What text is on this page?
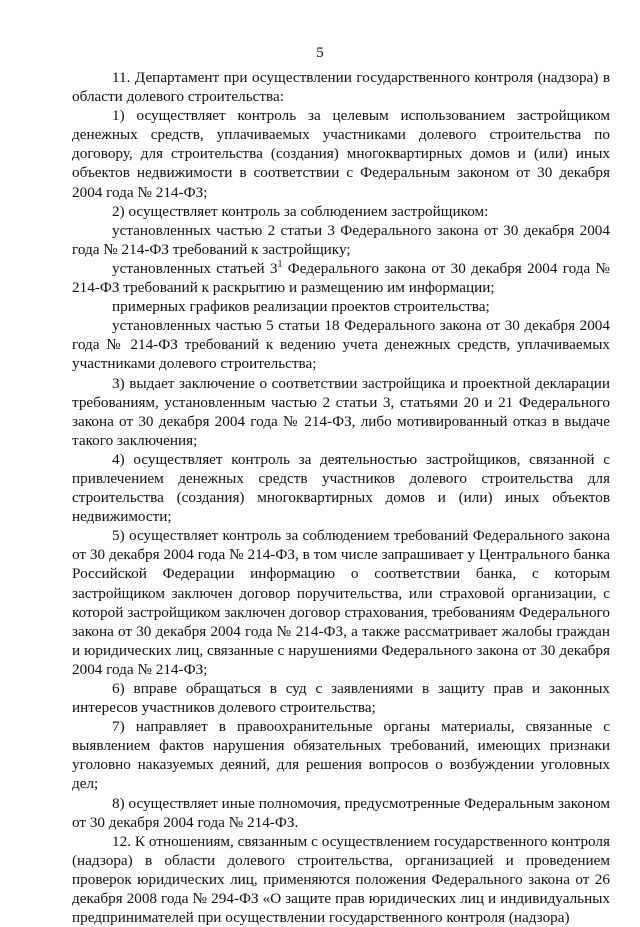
5

11. Департамент при осуществлении государственного контроля (надзора) в области долевого строительства:

1) осуществляет контроль за целевым использованием застройщиком денежных средств, уплачиваемых участниками долевого строительства по договору, для строительства (создания) многоквартирных домов и (или) иных объектов недвижимости в соответствии с Федеральным законом от 30 декабря 2004 года № 214-ФЗ;

2) осуществляет контроль за соблюдением застройщиком:

установленных частью 2 статьи 3 Федерального закона от 30 декабря 2004 года № 214-ФЗ требований к застройщику;

установленных статьей $3^1$ Федерального закона от 30 декабря 2004 года № 214-ФЗ требований к раскрытию и размещению им информации;

примерных графиков реализации проектов строительства;

установленных частью 5 статьи 18 Федерального закона от 30 декабря 2004 года № 214-ФЗ требований к ведению учета денежных средств, уплачиваемых участниками долевого строительства;

3) выдает заключение о соответствии застройщика и проектной декларации требованиям, установленным частью 2 статьи 3, статьями 20 и 21 Федерального закона от 30 декабря 2004 года № 214-ФЗ, либо мотивированный отказ в выдаче такого заключения;

4) осуществляет контроль за деятельностью застройщиков, связанной с привлечением денежных средств участников долевого строительства для строительства (создания) многоквартирных домов и (или) иных объектов недвижимости;

5) осуществляет контроль за соблюдением требований Федерального закона от 30 декабря 2004 года № 214-ФЗ, в том числе запрашивает у Центрального банка Российской Федерации информацию о соответствии банка, с которым застройщиком заключен договор поручительства, или страховой организации, с которой застройщиком заключен договор страхования, требованиям Федерального закона от 30 декабря 2004 года № 214-ФЗ, а также рассматривает жалобы граждан и юридических лиц, связанные с нарушениями Федерального закона от 30 декабря 2004 года № 214-ФЗ;

6) вправе обращаться в суд с заявлениями в защиту прав и законных интересов участников долевого строительства;

7) направляет в правоохранительные органы материалы, связанные с выявлением фактов нарушения обязательных требований, имеющих признаки уголовно наказуемых деяний, для решения вопросов о возбуждении уголовных дел;

8) осуществляет иные полномочия, предусмотренные Федеральным законом от 30 декабря 2004 года № 214-ФЗ.

12. К отношениям, связанным с осуществлением государственного контроля (надзора) в области долевого строительства, организацией и проведением проверок юридических лиц, применяются положения Федерального закона от 26 декабря 2008 года № 294-ФЗ «О защите прав юридических лиц и индивидуальных предпринимателей при осуществлении государственного контроля (надзора)
